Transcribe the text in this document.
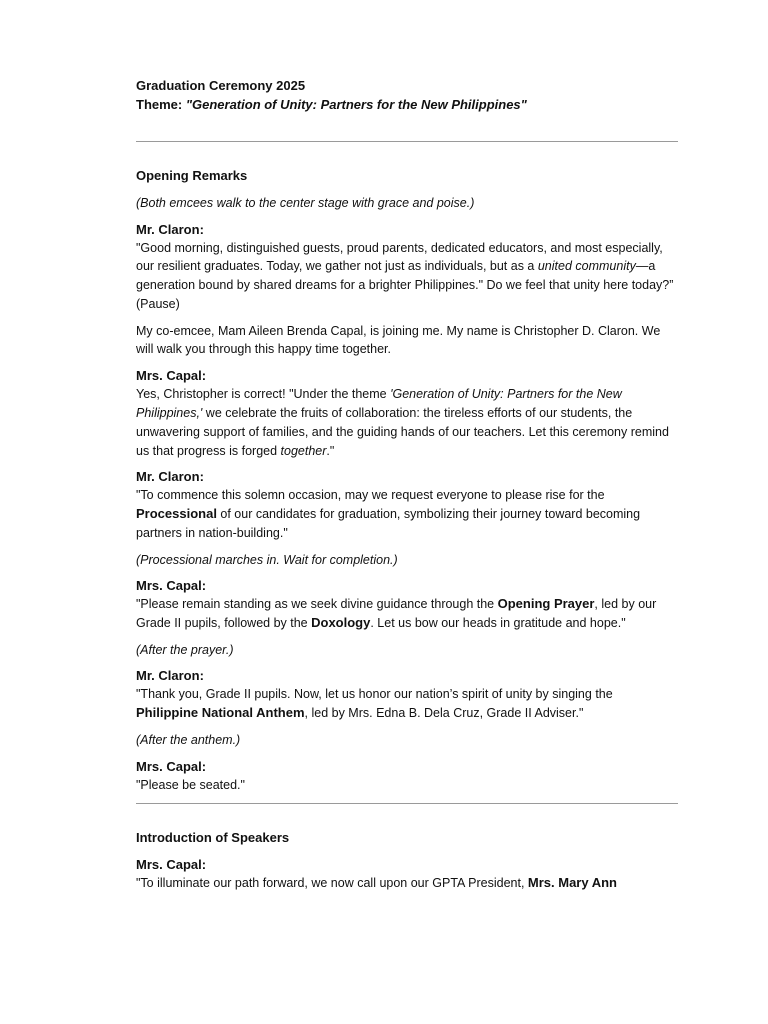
Graduation Ceremony 2025

Theme: "Generation of Unity: Partners for the New Philippines"

Opening Remarks

(Both emcees walk to the center stage with grace and poise.)

Mr. Claron:

"Good morning, distinguished guests, proud parents, dedicated educators, and most especially, our resilient graduates. Today, we gather not just as individuals, but as a united community—a generation bound by shared dreams for a brighter Philippines." Do we feel that unity here today?” (Pause)

My co-emcee, Mam Aileen Brenda Capal, is joining me. My name is Christopher D. Claron. We will walk you through this happy time together.

Mrs. Capal:

Yes, Christopher is correct! "Under the theme 'Generation of Unity: Partners for the New Philippines,' we celebrate the fruits of collaboration: the tireless efforts of our students, the unwavering support of families, and the guiding hands of our teachers. Let this ceremony remind us that progress is forged together."

Mr. Claron:

"To commence this solemn occasion, may we request everyone to please rise for the Processional of our candidates for graduation, symbolizing their journey toward becoming partners in nation-building."

(Processional marches in. Wait for completion.)

Mrs. Capal:

"Please remain standing as we seek divine guidance through the Opening Prayer, led by our Grade II pupils, followed by the Doxology. Let us bow our heads in gratitude and hope."

(After the prayer.)

Mr. Claron:

"Thank you, Grade II pupils. Now, let us honor our nation’s spirit of unity by singing the Philippine National Anthem, led by Mrs. Edna B. Dela Cruz, Grade II Adviser."

(After the anthem.)

Mrs. Capal:

"Please be seated."

Introduction of Speakers

Mrs. Capal:

"To illuminate our path forward, we now call upon our GPTA President, Mrs. Mary Ann
